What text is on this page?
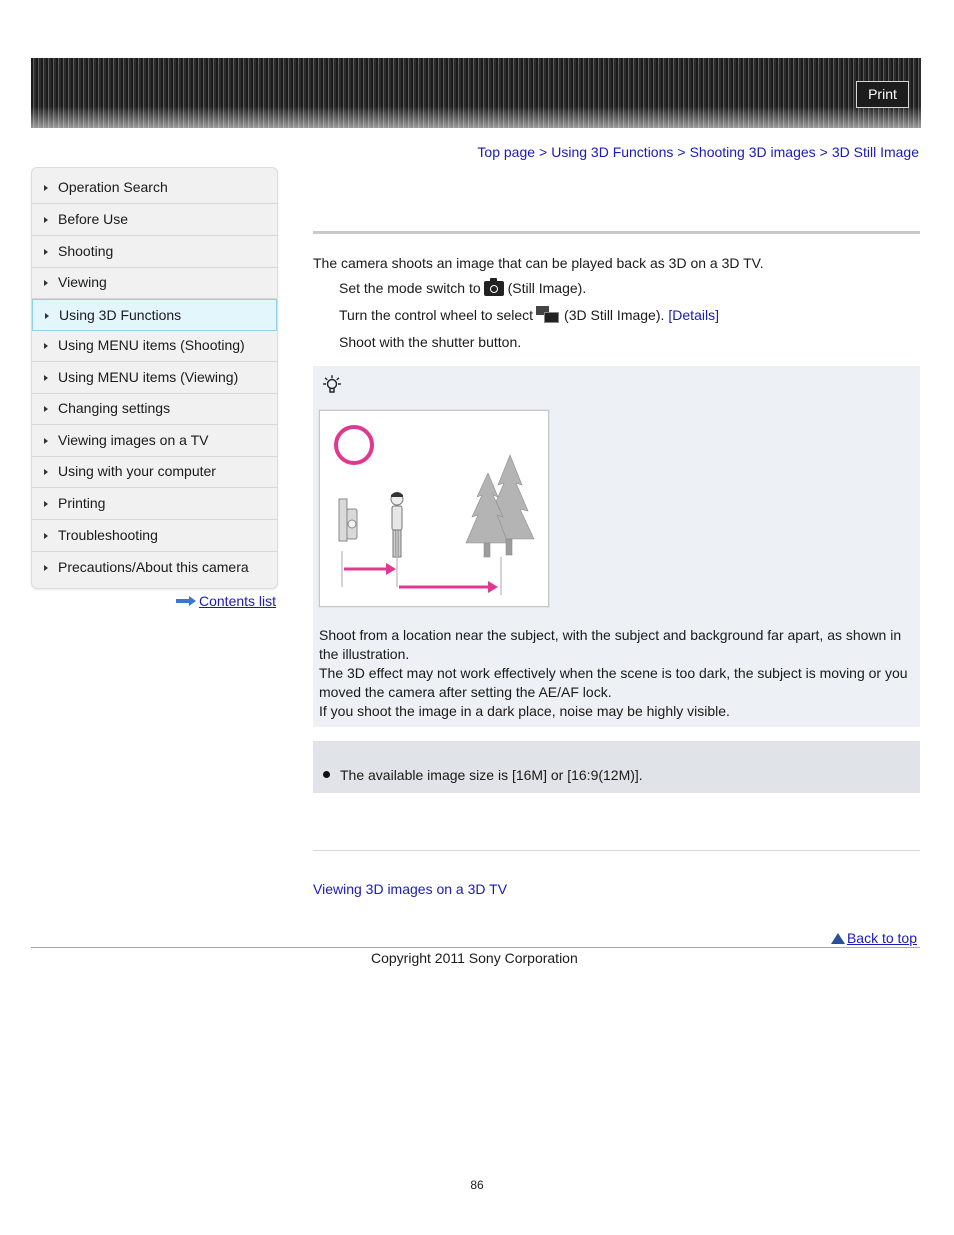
Print
Top page > Using 3D Functions > Shooting 3D images > 3D Still Image
Operation Search
Before Use
Shooting
Viewing
Using 3D Functions
Using MENU items (Shooting)
Using MENU items (Viewing)
Changing settings
Viewing images on a TV
Using with your computer
Printing
Troubleshooting
Precautions/About this camera
Contents list

The camera shoots an image that can be played back as 3D on a 3D TV.

Set the mode switch to (Still Image).
Turn the control wheel to select (3D Still Image). [Details]
Shoot with the shutter button.
Shoot from a location near the subject, with the subject and background far apart, as shown in the illustration.
The 3D effect may not work effectively when the scene is too dark, the subject is moving or you moved the camera after setting the AE/AF lock.
If you shoot the image in a dark place, noise may be highly visible.
The available image size is [16M] or [16:9(12M)].
Viewing 3D images on a 3D TV
Back to top
Copyright 2011 Sony Corporation
86
